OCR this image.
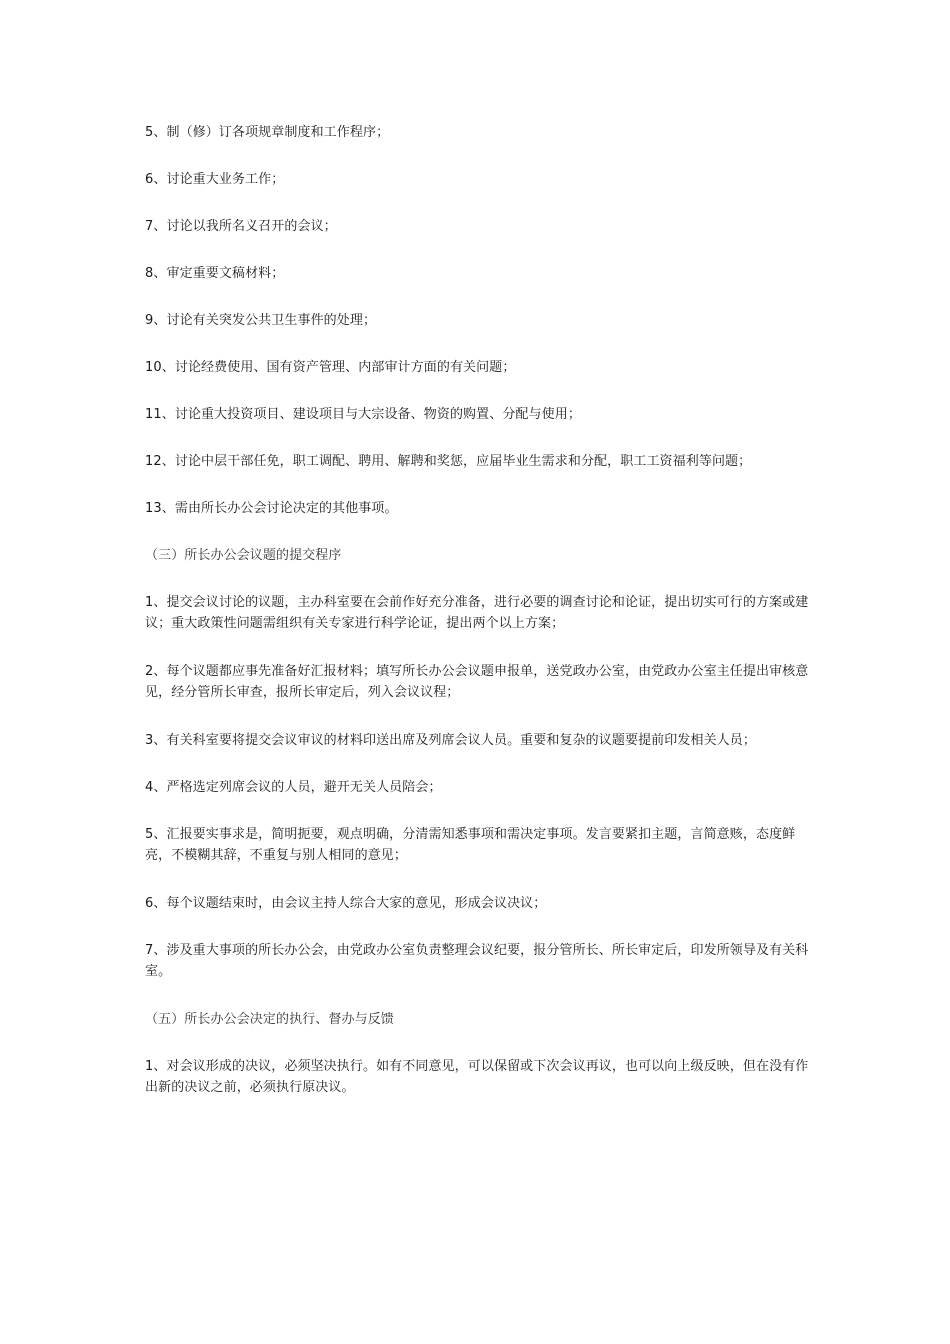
5、制（修）订各项规章制度和工作程序；

6、讨论重大业务工作；

7、讨论以我所名义召开的会议；

8、审定重要文稿材料；

9、讨论有关突发公共卫生事件的处理；

10、讨论经费使用、国有资产管理、内部审计方面的有关问题；

11、讨论重大投资项目、建设项目与大宗设备、物资的购置、分配与使用；

12、讨论中层干部任免，职工调配、聘用、解聘和奖惩，应届毕业生需求和分配，职工工资福利等问题；

13、需由所长办公会讨论决定的其他事项。

（三）所长办公会议题的提交程序

1、提交会议讨论的议题，主办科室要在会前作好充分准备，进行必要的调查讨论和论证，提出切实可行的方案或建议；重大政策性问题需组织有关专家进行科学论证，提出两个以上方案；

2、每个议题都应事先准备好汇报材料；填写所长办公会议题申报单，送党政办公室，由党政办公室主任提出审核意见，经分管所长审查，报所长审定后，列入会议议程；

3、有关科室要将提交会议审议的材料印送出席及列席会议人员。重要和复杂的议题要提前印发相关人员；

4、严格选定列席会议的人员，避开无关人员陪会；

5、汇报要实事求是，简明扼要，观点明确，分清需知悉事项和需决定事项。发言要紧扣主题，言简意赅，态度鲜亮，不模糊其辞，不重复与别人相同的意见；

6、每个议题结束时，由会议主持人综合大家的意见，形成会议决议；

7、涉及重大事项的所长办公会，由党政办公室负责整理会议纪要，报分管所长、所长审定后，印发所领导及有关科室。

（五）所长办公会决定的执行、督办与反馈

1、对会议形成的决议，必须坚决执行。如有不同意见，可以保留或下次会议再议，也可以向上级反映，但在没有作出新的决议之前，必须执行原决议。
